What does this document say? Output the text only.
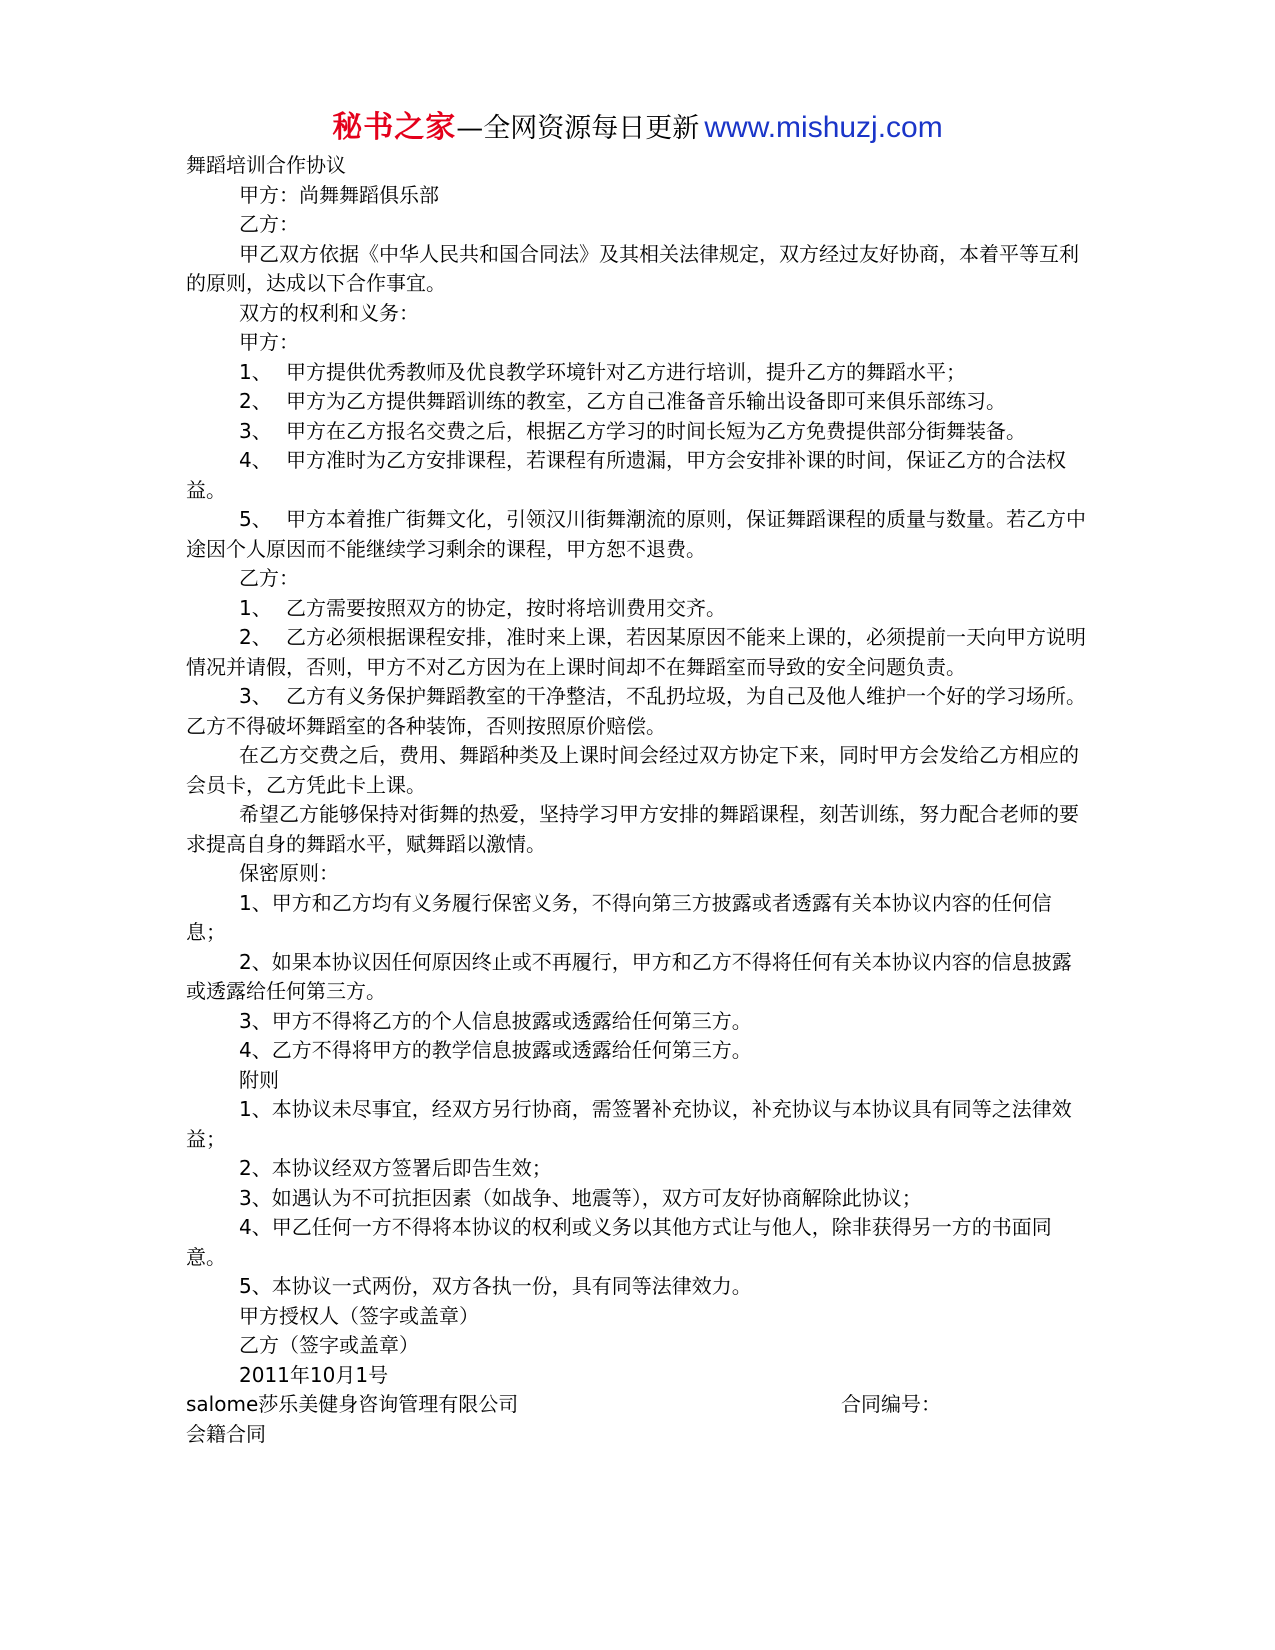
秘书之家—全网资源每日更新 www.mishuzj.com

舞蹈培训合作协议

甲方：尚舞舞蹈俱乐部

乙方：

甲乙双方依据《中华人民共和国合同法》及其相关法律规定，双方经过友好协商，本着平等互利的原则，达成以下合作事宜。

双方的权利和义务：

甲方：

1、 甲方提供优秀教师及优良教学环境针对乙方进行培训，提升乙方的舞蹈水平；

2、 甲方为乙方提供舞蹈训练的教室，乙方自己准备音乐输出设备即可来俱乐部练习。

3、 甲方在乙方报名交费之后，根据乙方学习的时间长短为乙方免费提供部分街舞装备。

4、 甲方准时为乙方安排课程，若课程有所遗漏，甲方会安排补课的时间，保证乙方的合法权益。

5、 甲方本着推广街舞文化，引领汉川街舞潮流的原则，保证舞蹈课程的质量与数量。若乙方中途因个人原因而不能继续学习剩余的课程，甲方恕不退费。

乙方：

1、 乙方需要按照双方的协定，按时将培训费用交齐。

2、 乙方必须根据课程安排，准时来上课，若因某原因不能来上课的，必须提前一天向甲方说明情况并请假，否则，甲方不对乙方因为在上课时间却不在舞蹈室而导致的安全问题负责。

3、 乙方有义务保护舞蹈教室的干净整洁，不乱扔垃圾，为自己及他人维护一个好的学习场所。乙方不得破坏舞蹈室的各种装饰，否则按照原价赔偿。

在乙方交费之后，费用、舞蹈种类及上课时间会经过双方协定下来，同时甲方会发给乙方相应的会员卡，乙方凭此卡上课。

希望乙方能够保持对街舞的热爱，坚持学习甲方安排的舞蹈课程，刻苦训练，努力配合老师的要求提高自身的舞蹈水平，赋舞蹈以激情。

保密原则：

1、甲方和乙方均有义务履行保密义务，不得向第三方披露或者透露有关本协议内容的任何信息；

2、如果本协议因任何原因终止或不再履行，甲方和乙方不得将任何有关本协议内容的信息披露或透露给任何第三方。

3、甲方不得将乙方的个人信息披露或透露给任何第三方。

4、乙方不得将甲方的教学信息披露或透露给任何第三方。

附则

1、本协议未尽事宜，经双方另行协商，需签署补充协议，补充协议与本协议具有同等之法律效益；

2、本协议经双方签署后即告生效；

3、如遇认为不可抗拒因素（如战争、地震等），双方可友好协商解除此协议；

4、甲乙任何一方不得将本协议的权利或义务以其他方式让与他人，除非获得另一方的书面同意。

5、本协议一式两份，双方各执一份，具有同等法律效力。

甲方授权人（签字或盖章）

乙方（签字或盖章）

2011年10月1号

salome莎乐美健身咨询管理有限公司	合同编号：

会籍合同
